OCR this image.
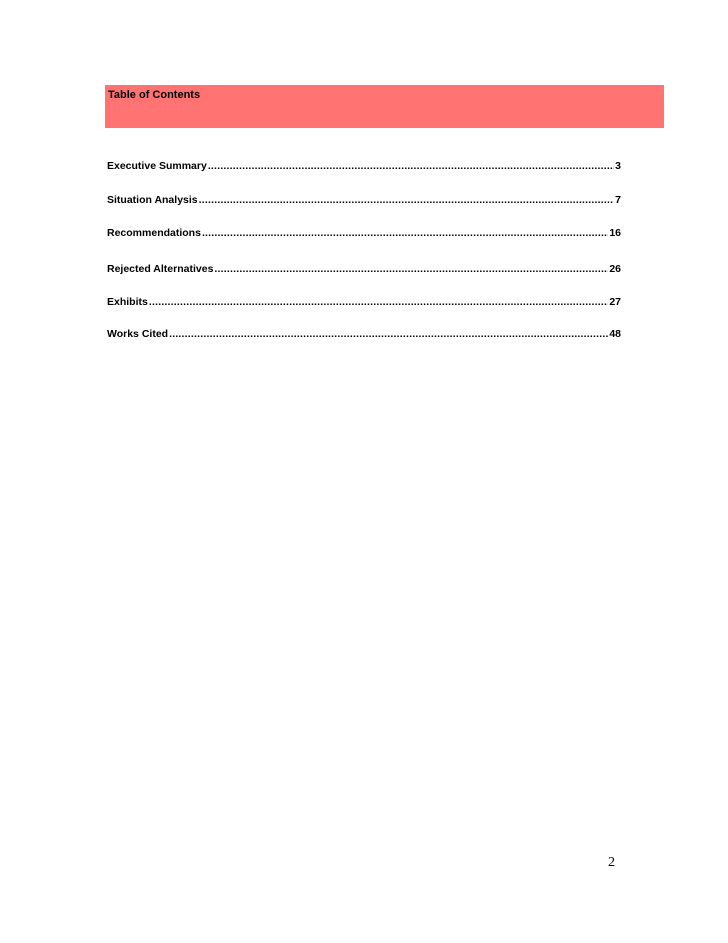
Table of Contents
Executive Summary .....	3
Situation Analysis .....	7
Recommendations .....	16
Rejected Alternatives .....	26
Exhibits .....	27
Works Cited .....	48
2
